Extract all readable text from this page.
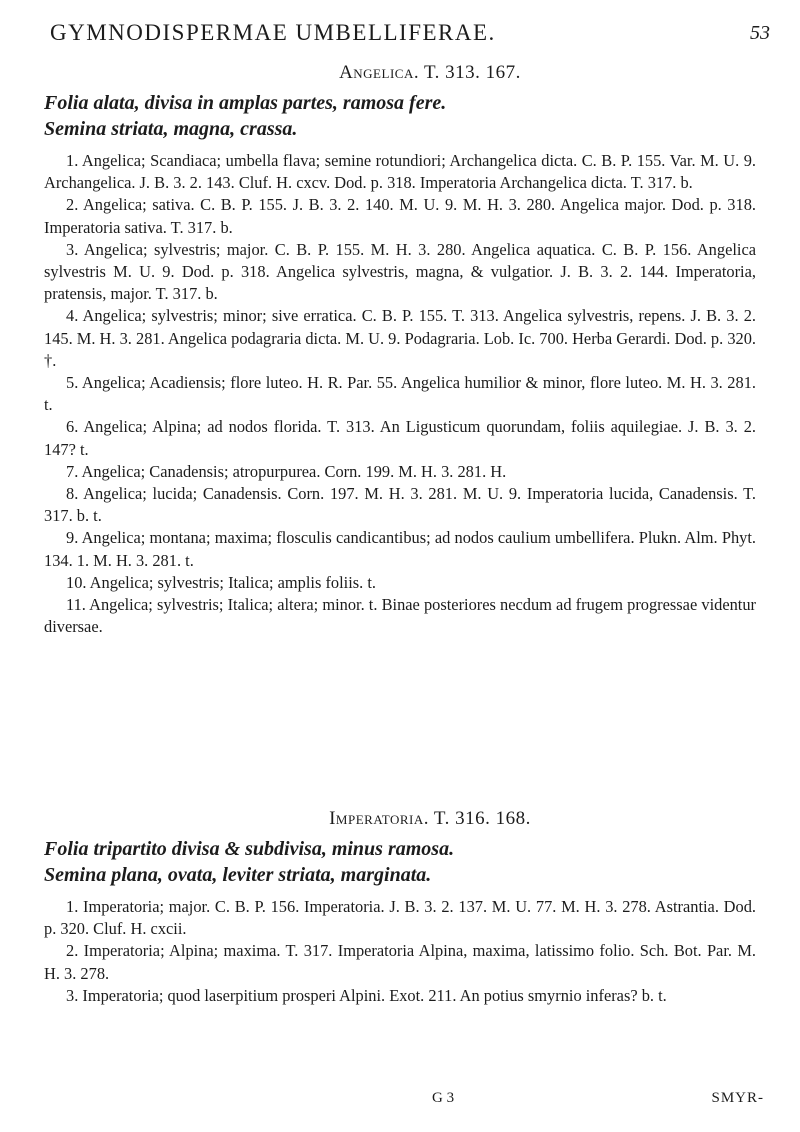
GYMNODISPERMAE UMBELLIFERAE.	53
Angelica. T. 313. 167.
Folia alata, divisa in amplas partes, ramosa fere.
Semina striata, magna, crassa.

1. Angelica; Scandiaca; umbella flava; semine rotundiori; Archangelica dicta. C. B. P. 155. Var. M. U. 9. Archangelica. J. B. 3. 2. 143. Cluf. H. cxcv. Dod. p. 318. Imperatoria Archangelica dicta. T. 317. b.

2. Angelica; sativa. C. B. P. 155. J. B. 3. 2. 140. M. U. 9. M. H. 3. 280. Angelica major. Dod. p. 318. Imperatoria sativa. T. 317. b.

3. Angelica; sylvestris; major. C. B. P. 155. M. H. 3. 280. Angelica aquatica. C. B. P. 156. Angelica sylvestris M. U. 9. Dod. p. 318. Angelica sylvestris, magna, & vulgatior. J. B. 3. 2. 144. Imperatoria, pratensis, major. T. 317. b.

4. Angelica; sylvestris; minor; sive erratica. C. B. P. 155. T. 313. Angelica sylvestris, repens. J. B. 3. 2. 145. M. H. 3. 281. Angelica podagraria dicta. M. U. 9. Podagraria. Lob. Ic. 700. Herba Gerardi. Dod. p. 320. †.

5. Angelica; Acadiensis; flore luteo. H. R. Par. 55. Angelica humilior & minor, flore luteo. M. H. 3. 281. t.

6. Angelica; Alpina; ad nodos florida. T. 313. An Ligusticum quorundam, foliis aquilegiae. J. B. 3. 2. 147? t.

7. Angelica; Canadensis; atropurpurea. Corn. 199. M. H. 3. 281. H.

8. Angelica; lucida; Canadensis. Corn. 197. M. H. 3. 281. M. U. 9. Imperatoria lucida, Canadensis. T. 317. b. t.

9. Angelica; montana; maxima; flosculis candicantibus; ad nodos caulium umbellifera. Plukn. Alm. Phyt. 134. 1. M. H. 3. 281. t.

10. Angelica; sylvestris; Italica; amplis foliis. t.

11. Angelica; sylvestris; Italica; altera; minor. t. Binae posteriores necdum ad frugem progressae videntur diversae.

Imperatoria. T. 316. 168.
Folia tripartito divisa & subdivisa, minus ramosa.
Semina plana, ovata, leviter striata, marginata.

1. Imperatoria; major. C. B. P. 156. Imperatoria. J. B. 3. 2. 137. M. U. 77. M. H. 3. 278. Astrantia. Dod. p. 320. Cluf. H. cxcii.

2. Imperatoria; Alpina; maxima. T. 317. Imperatoria Alpina, maxima, latissimo folio. Sch. Bot. Par. M. H. 3. 278.

3. Imperatoria; quod laserpitium prosperi Alpini. Exot. 211. An potius smyrnio inferas? b. t.

G 3	SMYR-
